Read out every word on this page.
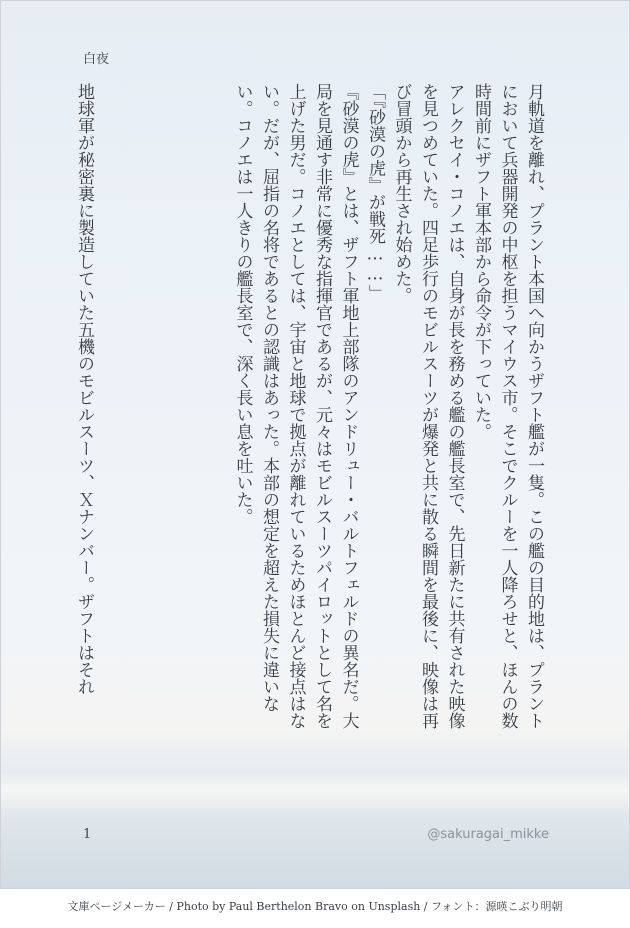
白夜

月軌道を離れ、プラント本国へ向かうザフト艦が一隻。この艦の目的地は、プラントにおいて兵器開発の中枢を担うマイウス市。そこでクルーを一人降ろせと、ほんの数時間前にザフト軍本部から命令が下っていた。
アレクセイ・コノエは、自身が長を務める艦の艦長室で、先日新たに共有された映像を見つめていた。四足歩行のモビルスーツが爆発と共に散る瞬間を最後に、映像は再び冒頭から再生され始めた。
「『砂漠の虎』が戦死……」
『砂漠の虎』とは、ザフト軍地上部隊のアンドリュー・バルトフェルドの異名だ。大局を見通す非常に優秀な指揮官であるが、元々はモビルスーツパイロットとして名を上げた男だ。コノエとしては、宇宙と地球で拠点が離れているためほとんど接点はない。だが、屈指の名将であるとの認識はあった。本部の想定を超えた損失に違いない。コノエは一人きりの艦長室で、深く長い息を吐いた。

地球軍が秘密裏に製造していた五機のモビルスーツ、Ｘナンバー。ザフトはそれ

1	@sakuragai_mikke
文庫ページメーカー / Photo by Paul Berthelon Bravo on Unsplash / フォント：源暎こぶり明朝
